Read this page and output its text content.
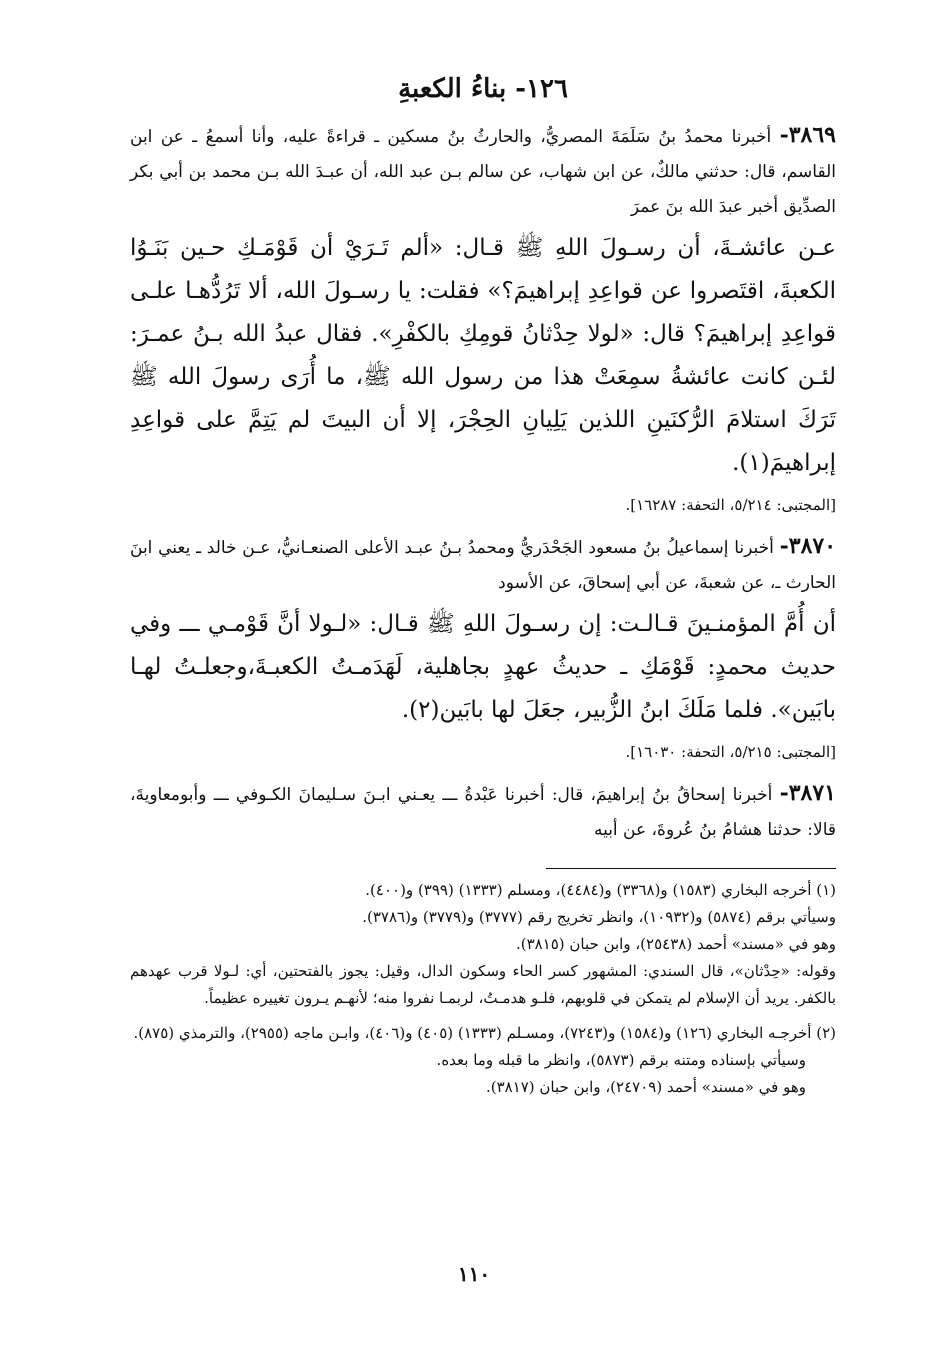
١٢٦- بناءُ الكعبةِ

٣٨٦٩- أخبرنا محمدُ بنُ سَلَمَةَ المصريُّ، والحارثُ بنُ مسكين ـ قراءةً عليه، وأنا أسمعُ ـ عن ابن القاسم، قال: حدثني مالكٌ، عن ابن شهاب، عن سالم بـن عبد الله، أن عبـدَ الله بـن محمد بن أبي بكر الصدِّيق أخبر عبدَ الله بنَ عمرَ

عـن عائشـةَ، أن رسـولَ اللهِ ﷺ قـال: «ألم تَـرَيْ أن قَوْمَـكِ حـين بَنَـوُا الكعبةَ، اقتَصروا عن قواعِدِ إبراهيمَ؟» فقلت: يا رسـولَ الله، ألا تَرُدُّهـا علـى قواعِدِ إبراهيمَ؟ قال: «لولا حِدْثانُ قومِكِ بالكفْرِ». فقال عبدُ الله بـنُ عمـرَ: لئـن كانت عائشةُ سمِعَتْ هذا من رسول الله ﷺ، ما أُرَى رسولَ الله ﷺ تَرَكَ استلامَ الرُّكنَينِ اللذين يَلِيانِ الحِجْرَ، إلا أن البيتَ لم يَتِمَّ على قواعِدِ إبراهيمَ(١).

[المجتبى: ٥/٢١٤، التحفة: ١٦٢٨٧].

٣٨٧٠- أخبرنا إسماعيلُ بنُ مسعود الجَحْدَريُّ ومحمدُ بـنُ عبـد الأعلى الصنعـانيُّ، عـن خالد ـ يعني ابنَ الحارث ـ، عن شعبةَ، عن أبي إسحاقَ، عن الأسود

أن أُمَّ المؤمنـينَ قـالـت: إن رسـولَ اللهِ ﷺ قـال: «لـولا أنَّ قَوْمـي ـــ وفي حديث محمدٍ: قَوْمَكِ ـ حديثُ عهدٍ بجاهلية، لَهَدَمـتُ الكعبـةَ،وجعلـتُ لهـا بابَين». فلما مَلَكَ ابنُ الزُّبير، جعَلَ لها بابَين(٢).

[المجتبى: ٥/٢١٥، التحفة: ١٦٠٣٠].

٣٨٧١- أخبرنا إسحاقُ بنُ إبراهيمَ، قال: أخبرنا عَبْدةُ ـــ يعـني ابـنَ سـليمانَ الكـوفي ـــ وأبومعاويةَ، قالا: حدثنا هشامُ بنُ عُروةَ، عن أبيه

(١) أخرجه البخاري (١٥٨٣) و(٣٣٦٨) و(٤٤٨٤)، ومسلم (١٣٣٣) (٣٩٩) و(٤٠٠).

وسيأتي برقم (٥٨٧٤) و(١٠٩٣٢)، وانظر تخريج رقم (٣٧٧٧) و(٣٧٧٩) و(٣٧٨٦).

وهو في «مسند» أحمد (٢٥٤٣٨)، وابن حبان (٣٨١٥).

وقوله: «حِدْثان»، قال السندي: المشهور كسر الحاء وسكون الدال، وقيل: يجوز بالفتحتين، أي: لـولا قرب عهدهم بالكفر. يريد أن الإسلام لم يتمكن في قلوبهم، فلـو هدمـتُ، لربمـا نفروا منه؛ لأنهـم يـرون تغييره عظيماً.

(٢) أخرجـه البخاري (١٢٦) و(١٥٨٤) و(٧٢٤٣)، ومسـلم (١٣٣٣) (٤٠٥) و(٤٠٦)، وابـن ماجه (٢٩٥٥)، والترمذي (٨٧٥).

وسيأتي بإسناده ومتنه برقم (٥٨٧٣)، وانظر ما قبله وما بعده.

وهو في «مسند» أحمد (٢٤٧٠٩)، وابن حبان (٣٨١٧).

١١٠
